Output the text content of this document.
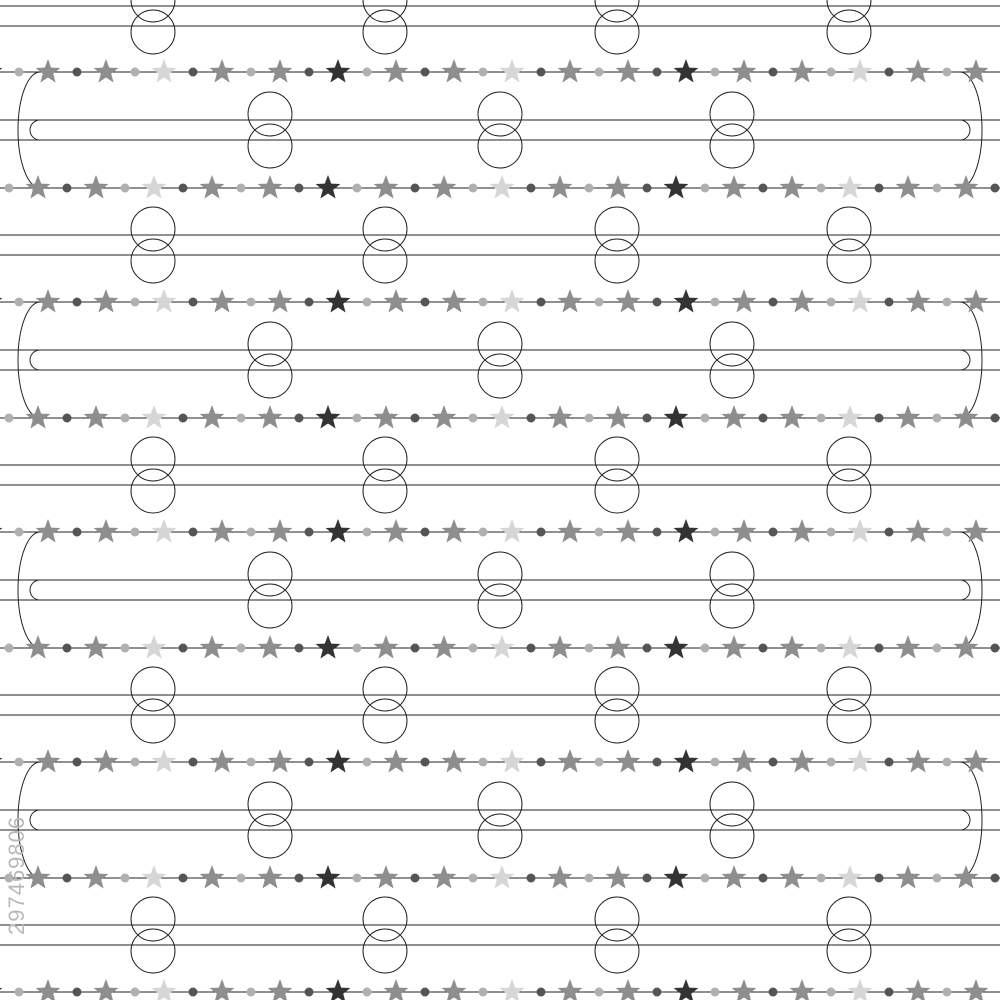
297469806
